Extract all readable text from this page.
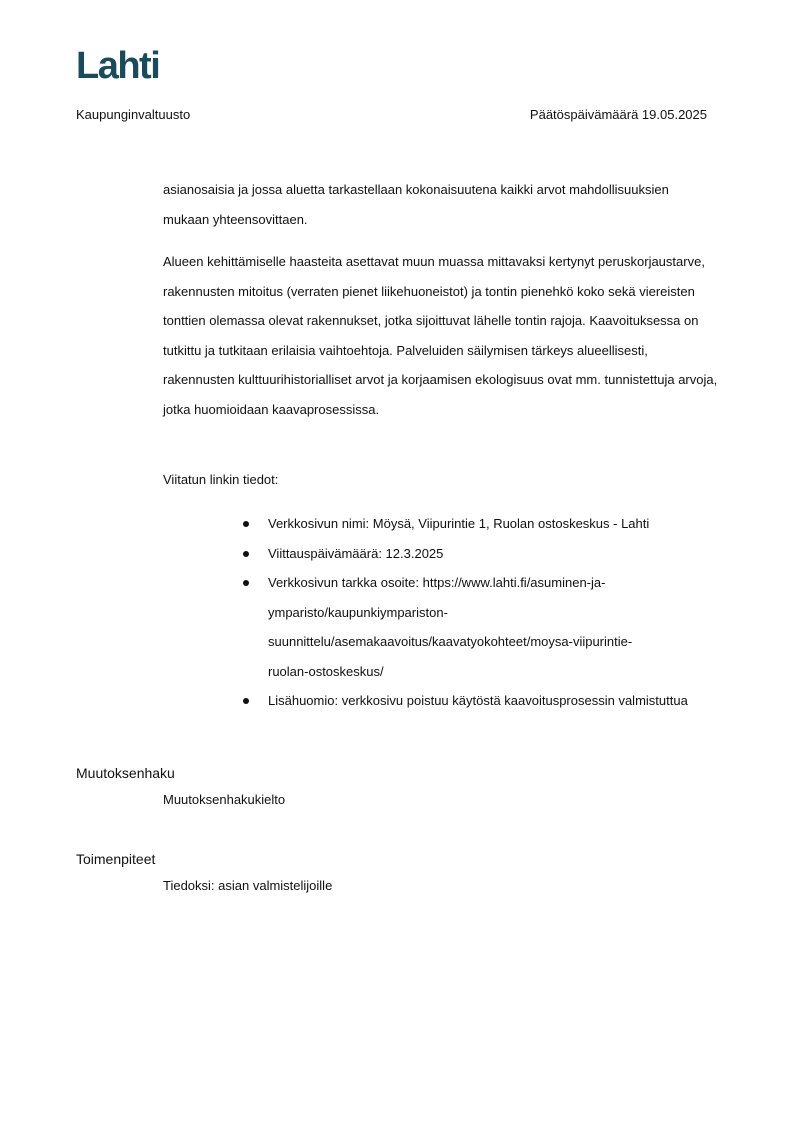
Lahti
Kaupunginvaltuusto	Päätöspäivämäärä 19.05.2025
asianosaisia ja jossa aluetta tarkastellaan kokonaisuutena kaikki arvot mahdollisuuksien mukaan yhteensovittaen.
Alueen kehittämiselle haasteita asettavat muun muassa mittavaksi kertynyt peruskorjaustarve, rakennusten mitoitus (verraten pienet liikehuoneistot) ja tontin pienehkö koko sekä viereisten tonttien olemassa olevat rakennukset, jotka sijoittuvat lähelle tontin rajoja. Kaavoituksessa on tutkittu ja tutkitaan erilaisia vaihtoehtoja. Palveluiden säilymisen tärkeys alueellisesti, rakennusten kulttuurihistorialliset arvot ja korjaamisen ekologisuus ovat mm. tunnistettuja arvoja, jotka huomioidaan kaavaprosessissa.
Viitatun linkin tiedot:
Verkkosivun nimi: Möysä, Viipurintie 1, Ruolan ostoskeskus - Lahti
Viittauspäivämäärä: 12.3.2025
Verkkosivun tarkka osoite: https://www.lahti.fi/asuminen-ja-
ymparisto/kaupunkiympariston-
suunnittelu/asemakaavoitus/kaavatyokohteet/moysa-viipurintie-
ruolan-ostoskeskus/
Lisähuomio: verkkosivu poistuu käytöstä kaavoitusprosessin valmistuttua
Muutoksenhaku
Muutoksenhakukielto
Toimenpiteet
Tiedoksi: asian valmistelijoille
